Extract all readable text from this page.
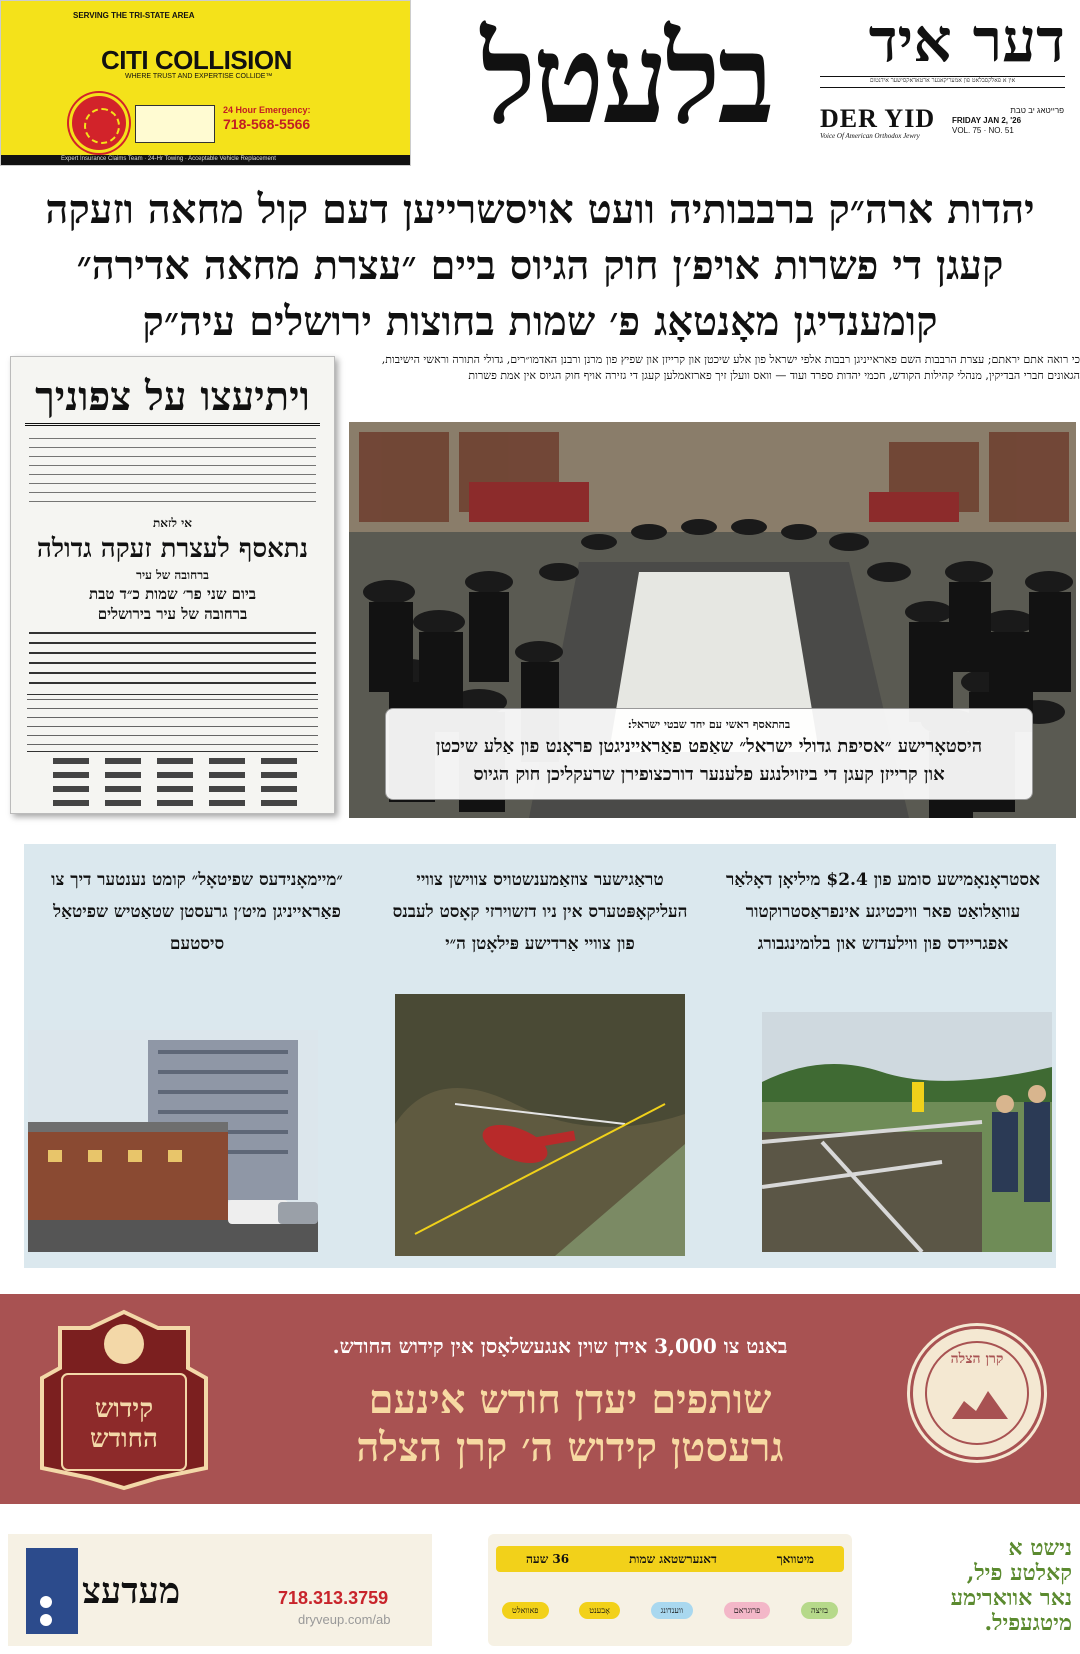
SERVING THE TRI-STATE AREA
CITI COLLISION
WHERE TRUST AND EXPERTISE COLLIDE™
24 Hour Emergency:
718-568-5566
Expert Insurance Claims Team · 24-Hr Towing · Acceptable Vehicle Replacement
בלעטל	דער איד
אין א פאלקסבלאט פון אמעריקאנער ארטאדאקסישער אידנטום
DER YID
Voice Of American Orthodox Jewry
פרייטאג יב טבת
FRIDAY JAN 2, '26
VOL. 75 · NO. 51
יהדות ארה״ק ברבבותיה וועט אויסשרייען דעם קול מחאה וזעקה
קעגן די פשרות אויפ׳ן חוק הגיוס ביים ״עצרת מחאה אדירה״
קומענדיגן מאָנטאָג פ׳ שמות בחוצות ירושלים עיה״ק
כי רואה אתם יראתם; עצרת הרבבות השם פאראייניגן רבבות אלפי ישראל פון אלע שיכטן און קרייזן און שפיץ פון מרנן ורבנן האדמו״רים, גדולי התורה וראשי הישיבות, הגאונים חברי הבדיקין, מנהלי קהילות הקודש, חכמי יהדות ספרד ועוד — וואס וועלן זיך פארזאמלען קעגן די גזירה אויף חוק הגיוס אין אמת פשרות
ויתיעצו על צפוניך
אי לזאת
נתאסף לעצרת זעקה גדולה
ברחובה של עיר
ביום שני פר׳ שמות כ״ד טבת
ברחובה של עיר בירושלים
בהתאסף ראשי עם יחד שבטי ישראל:
היסטאָרישע ״אסיפת גדולי ישראל״ שאַפט פאַראייניגטן פראָנט פון אַלע שיכטן
און קרייזן קעגן די ביזוילנגע פלענער דורכצופירן שרעקליכן חוק הגיוס
אסטראָנאָמישע סומע פון $2.4 מיליאָן דאָלאַר עוואַלואַט פאר וויכטיגע אינפראַסטרוקטור אפגריידס פון ווילעדזש און בלומינגבורג
טראַגישער צוזאַמענשטויס צווישן צוויי העליקאָפּטערס אין ניו דזשוירזי קאָסט לעבנס פון צוויי אַרדישע פּילאָטן ה״י
״מיימאָנידעס שפיטאָל״ קומט נענטער דיך צו פאַראייניגן מיט׳ן גרעסטן שטאַטיש שפיטאַל סיסטעם
קידוש
החודש
באנט צו 3,000 אידן שוין אנגעשלאָסן אין קידוש החודש.
שותפים יעדן חודש אינעם
גרעסטן קידוש ה׳ קרן הצלה
קרן הצלה
מעדעצ	718.313.3759
dryveup.com/ab
מיטוואך
דאנערשטאג שמות
36 שעה
בזיצה
פרוגראם
ווענדונג
אָבענט
פאוואלט
נישט א
קאלטע פיל,
נאר אווארימע
מיטגעפיל.
